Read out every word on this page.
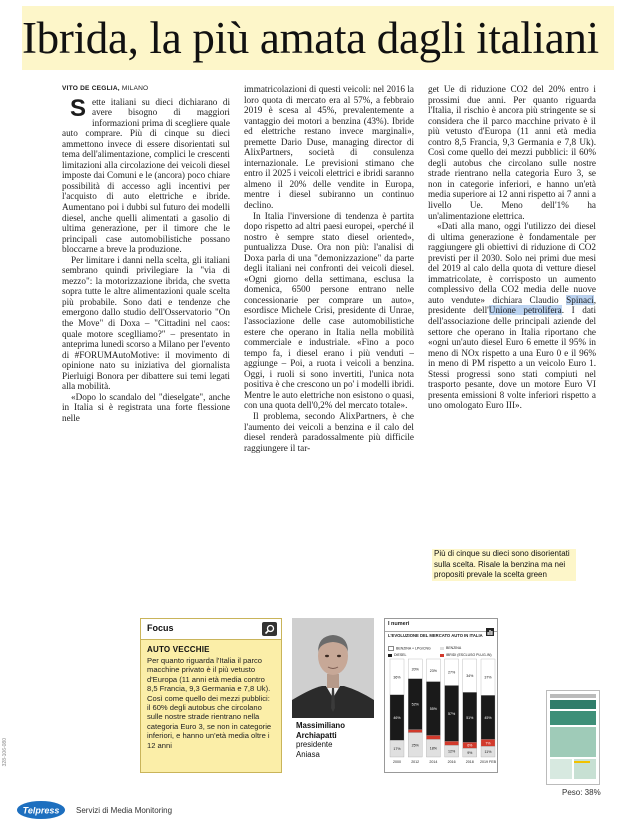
Ibrida, la più amata dagli italiani
VITO DE CEGLIA, MILANO

Sette italiani su dieci dichiarano di avere bisogno di maggiori informazioni prima di scegliere quale auto comprare. Più di cinque su dieci ammettono invece di essere disorientati sul tema dell'alimentazione, complici le crescenti limitazioni alla circolazione dei veicoli diesel imposte dai Comuni e le (ancora) poco chiare possibilità di accesso agli incentivi per l'acquisto di auto elettriche e ibride. Aumentano poi i dubbi sul futuro dei modelli diesel, anche quelli alimentati a gasolio di ultima generazione, per il timore che le principali case automobilistiche possano bloccarne a breve la produzione.

Per limitare i danni nella scelta, gli italiani sembrano quindi privilegiare la "via di mezzo": la motorizzazione ibrida, che svetta sopra tutte le altre alimentazioni quale scelta più probabile. Sono dati e tendenze che emergono dallo studio dell'Osservatorio "On the Move" di Doxa – "Cittadini nel caos: quale motore sceglliamo?" – presentato in anteprima lunedì scorso a Milano per l'evento di #FORUMAutoMotive: il movimento di opinione nato su iniziativa del giornalista Pierluigi Bonora per dibattere sui temi legati alla mobilità.

«Dopo lo scandalo del "dieselgate", anche in Italia si è registrata una forte flessione nelle

immatricolazioni di questi veicoli: nel 2016 la loro quota di mercato era al 57%, a febbraio 2019 è scesa al 45%, prevalentemente a vantaggio dei motori a benzina (43%). Ibride ed elettriche restano invece marginali», premette Dario Duse, managing director di AlixPartners, società di consulenza internazionale. Le previsioni stimano che entro il 2025 i veicoli elettrici e ibridi saranno almeno il 20% delle vendite in Europa, mentre i diesel subiranno un continuo declino.

In Italia l'inversione di tendenza è partita dopo rispetto ad altri paesi europei, «perché il nostro è sempre stato diesel oriented», puntualizza Duse. Ora non più: l'analisi di Doxa parla di una "demonizzazione" da parte degli italiani nei confronti dei veicoli diesel. «Ogni giorno della settimana, esclusa la domenica, 6500 persone entrano nelle concessionarie per comprare un auto», esordisce Michele Crisi, presidente di Unrae, l'associazione delle case automobilistiche estere che operano in Italia nella mobilità commerciale e industriale. «Fino a poco tempo fa, i diesel erano i più venduti – aggiunge – Poi, a ruota i veicoli a benzina. Oggi, i ruoli si sono invertiti, l'unica nota positiva è che crescono un po' i modelli ibridi. Mentre le auto elettriche non esistono o quasi, con una quota dell'0,2% del mercato totale».

Il problema, secondo AlixPartners, è che l'aumento dei veicoli a benzina e il calo del diesel renderà paradossalmente più difficile raggiungere il tar-

get Ue di riduzione CO2 del 20% entro i prossimi due anni. Per quanto riguarda l'Italia, il rischio è ancora più stringente se si considera che il parco macchine privato è il più vetusto d'Europa (11 anni età media contro 8,5 Francia, 9,3 Germania e 7,8 Uk). Così come quello dei mezzi pubblici: il 60% degli autobus che circolano sulle nostre strade rientrano nella categoria Euro 3, se non in categorie inferiori, e hanno un'età media superiore ai 12 anni rispetto ai 7 anni a livello Ue. Meno dell'1% ha un'alimentazione elettrica.

«Dati alla mano, oggi l'utilizzo dei diesel di ultima generazione è fondamentale per raggiungere gli obiettivi di riduzione di CO2 previsti per il 2030. Solo nei primi due mesi del 2019 al calo della quota di vetture diesel immatricolate, è corrisposto un aumento complessivo della CO2 media delle nuove auto vendute» dichiara Claudio Spinaci, presidente dell'Unione petrolifera. I dati dell'associazione delle principali aziende del settore che operano in Italia riportano che «ogni un'auto diesel Euro 6 emette il 95% in meno di NOx rispetto a una Euro 0 e il 96% in meno di PM rispetto a un veicolo Euro 1. Stessi progressi sono stati compiuti nel trasporto pesante, dove un motore Euro VI presenta emissioni 8 volte inferiori rispetto a uno omologato Euro III».

Più di cinque su dieci sono disorientati sulla scelta. Risale la benzina ma nei propositi prevale la scelta green
Focus
AUTO VECCHIE
Per quanto riguarda l'Italia il parco macchine privato è il più vetusto d'Europa (11 anni età media contro 8,5 Francia, 9,3 Germania e 7,8 Uk). Così come quello dei mezzi pubblici: il 60% degli autobus che circolano sulle nostre strade rientrano nella categoria Euro 3, se non in categorie inferiori, e hanno un'età media oltre i 12 anni
Massimiliano
Archiapatti
presidente
Aniasa
I numeri
L'EVOLUZIONE DEL MERCATO AUTO IN ITALIA
BENZINA + LPG/CNG	BENZINA
DIESEL	IBRIDI (ESCLUSO PLUG-IN)
17%
46%
36%
2000
25%
52%
20%
2012
18%
55%
23%
2014
12%
57%
27%
2016
9%
6%
51%
34%
2018
11%
7%
45%
37%
2019 FEB
Peso: 38%
328-106-080
Telpress Servizi di Media Monitoring
